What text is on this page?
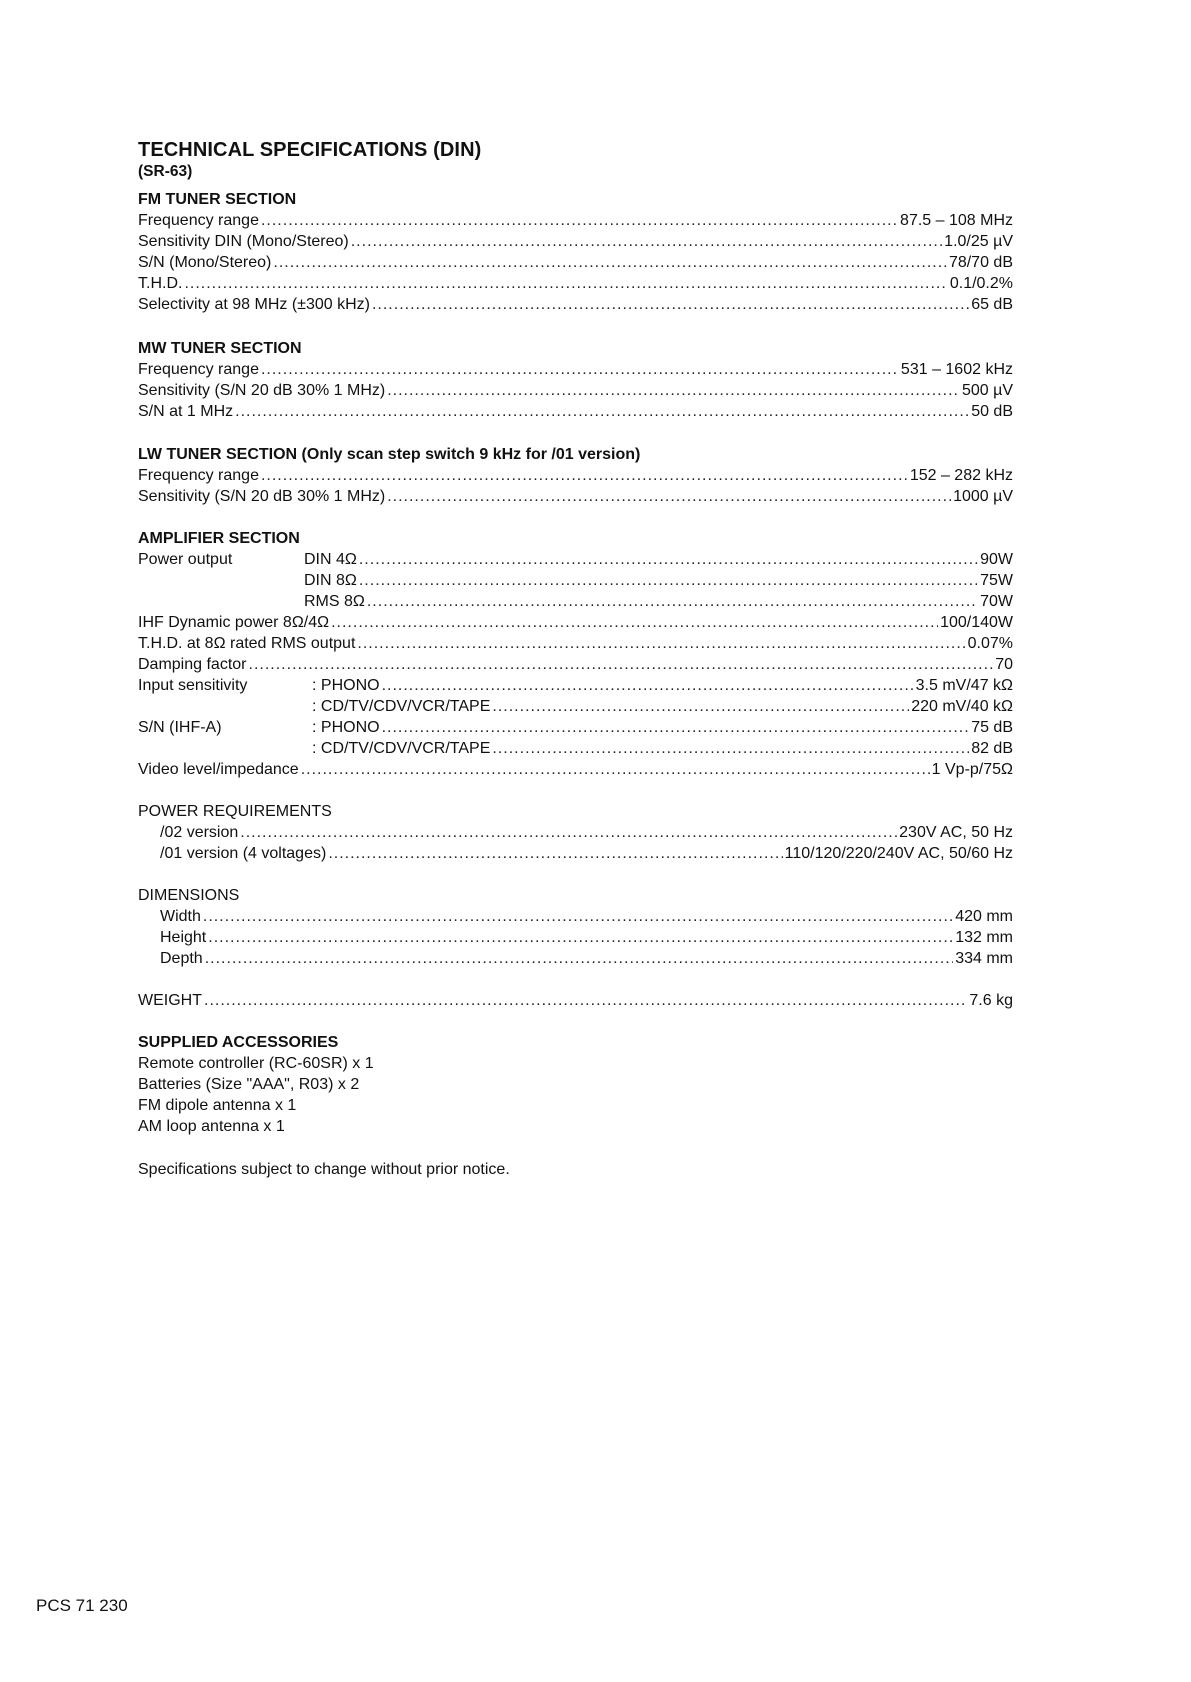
TECHNICAL SPECIFICATIONS (DIN)
(SR-63)
FM TUNER SECTION
Frequency range .....	87.5 – 108 MHz
Sensitivity DIN (Mono/Stereo) .....	1.0/25 µV
S/N (Mono/Stereo) .....	78/70 dB
T.H.D. .....	0.1/0.2%
Selectivity at 98 MHz (±300 kHz) .....	65 dB
MW TUNER SECTION
Frequency range .....	531 – 1602 kHz
Sensitivity (S/N 20 dB 30% 1 MHz) .....	500 µV
S/N at 1 MHz .....	50 dB
LW TUNER SECTION (Only scan step switch 9 kHz for /01 version)
Frequency range .....	152 – 282 kHz
Sensitivity (S/N 20 dB 30% 1 MHz) .....	1000 µV
AMPLIFIER SECTION
Power output	DIN 4Ω .....	90W
DIN 8Ω .....	75W
RMS 8Ω .....	70W
IHF Dynamic power 8Ω/4Ω .....	100/140W
T.H.D. at 8Ω rated RMS output .....	0.07%
Damping factor .....	70
Input sensitivity	: PHONO .....	3.5 mV/47 kΩ
: CD/TV/CDV/VCR/TAPE .....	220 mV/40 kΩ
S/N (IHF-A)	: PHONO .....	75 dB
: CD/TV/CDV/VCR/TAPE .....	82 dB
Video level/impedance .....	1 Vp-p/75Ω
POWER REQUIREMENTS
/02 version .....	230V AC, 50 Hz
/01 version (4 voltages) .....	110/120/220/240V AC, 50/60 Hz
DIMENSIONS
Width .....	420 mm
Height .....	132 mm
Depth .....	334 mm
WEIGHT .....	7.6 kg
SUPPLIED ACCESSORIES
Remote controller (RC-60SR) x 1
Batteries (Size "AAA", R03) x 2
FM dipole antenna x 1
AM loop antenna x 1
Specifications subject to change without prior notice.
PCS 71 230
